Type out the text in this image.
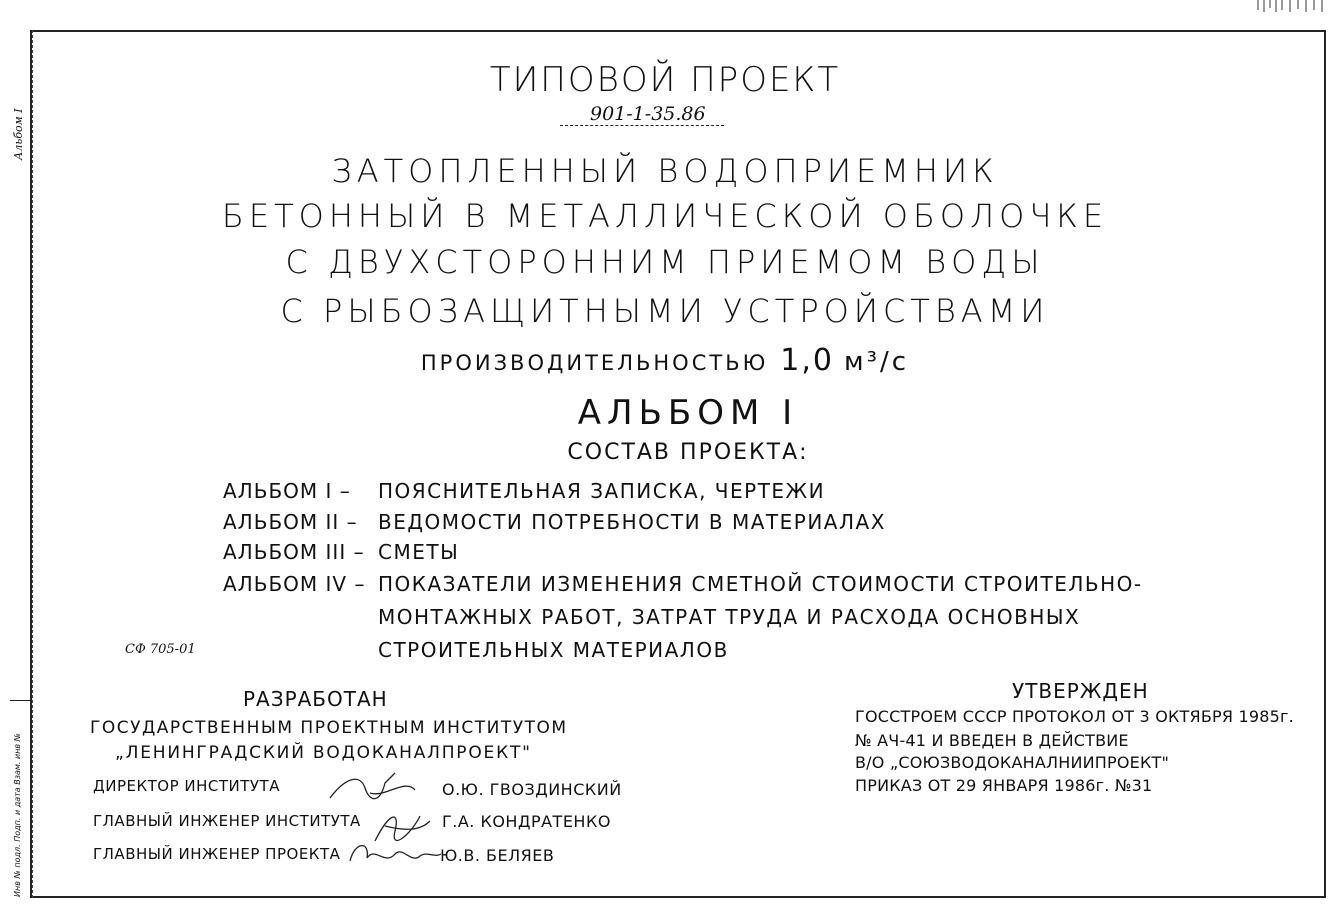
Альбом I
Инв № подл. Подп. и дата Взам. инв №
ТИПОВОЙ ПРОЕКТ
901-1-35.86
ЗАТОПЛЕННЫЙ ВОДОПРИЕМНИК
БЕТОННЫЙ В МЕТАЛЛИЧЕСКОЙ ОБОЛОЧКЕ
С ДВУХСТОРОННИМ ПРИЕМОМ ВОДЫ
С РЫБОЗАЩИТНЫМИ УСТРОЙСТВАМИ
ПРОИЗВОДИТЕЛЬНОСТЬЮ 1,0 м³/с
АЛЬБОМ I
СОСТАВ ПРОЕКТА:
АЛЬБОМ I – ПОЯСНИТЕЛЬНАЯ ЗАПИСКА, ЧЕРТЕЖИ
АЛЬБОМ II – ВЕДОМОСТИ ПОТРЕБНОСТИ В МАТЕРИАЛАХ
АЛЬБОМ III – СМЕТЫ
АЛЬБОМ IV – ПОКАЗАТЕЛИ ИЗМЕНЕНИЯ СМЕТНОЙ СТОИМОСТИ СТРОИТЕЛЬНО-
МОНТАЖНЫХ РАБОТ, ЗАТРАТ ТРУДА И РАСХОДА ОСНОВНЫХ
СТРОИТЕЛЬНЫХ МАТЕРИАЛОВ
СФ 705-01
РАЗРАБОТАН
ГОСУДАРСТВЕННЫМ ПРОЕКТНЫМ ИНСТИТУТОМ
„ЛЕНИНГРАДСКИЙ ВОДОКАНАЛПРОЕКТ"
ДИРЕКТОР ИНСТИТУТА	О.Ю. ГВОЗДИНСКИЙ
ГЛАВНЫЙ ИНЖЕНЕР ИНСТИТУТА	Г.А. КОНДРАТЕНКО
ГЛАВНЫЙ ИНЖЕНЕР ПРОЕКТА	Ю.В. БЕЛЯЕВ
УТВЕРЖДЕН
ГОССТРОЕМ СССР ПРОТОКОЛ ОТ 3 ОКТЯБРЯ 1985г.
№ АЧ-41 И ВВЕДЕН В ДЕЙСТВИЕ
В/О „СОЮЗВОДОКАНАЛНИИПРОЕКТ"
ПРИКАЗ ОТ 29 ЯНВАРЯ 1986г. №31
